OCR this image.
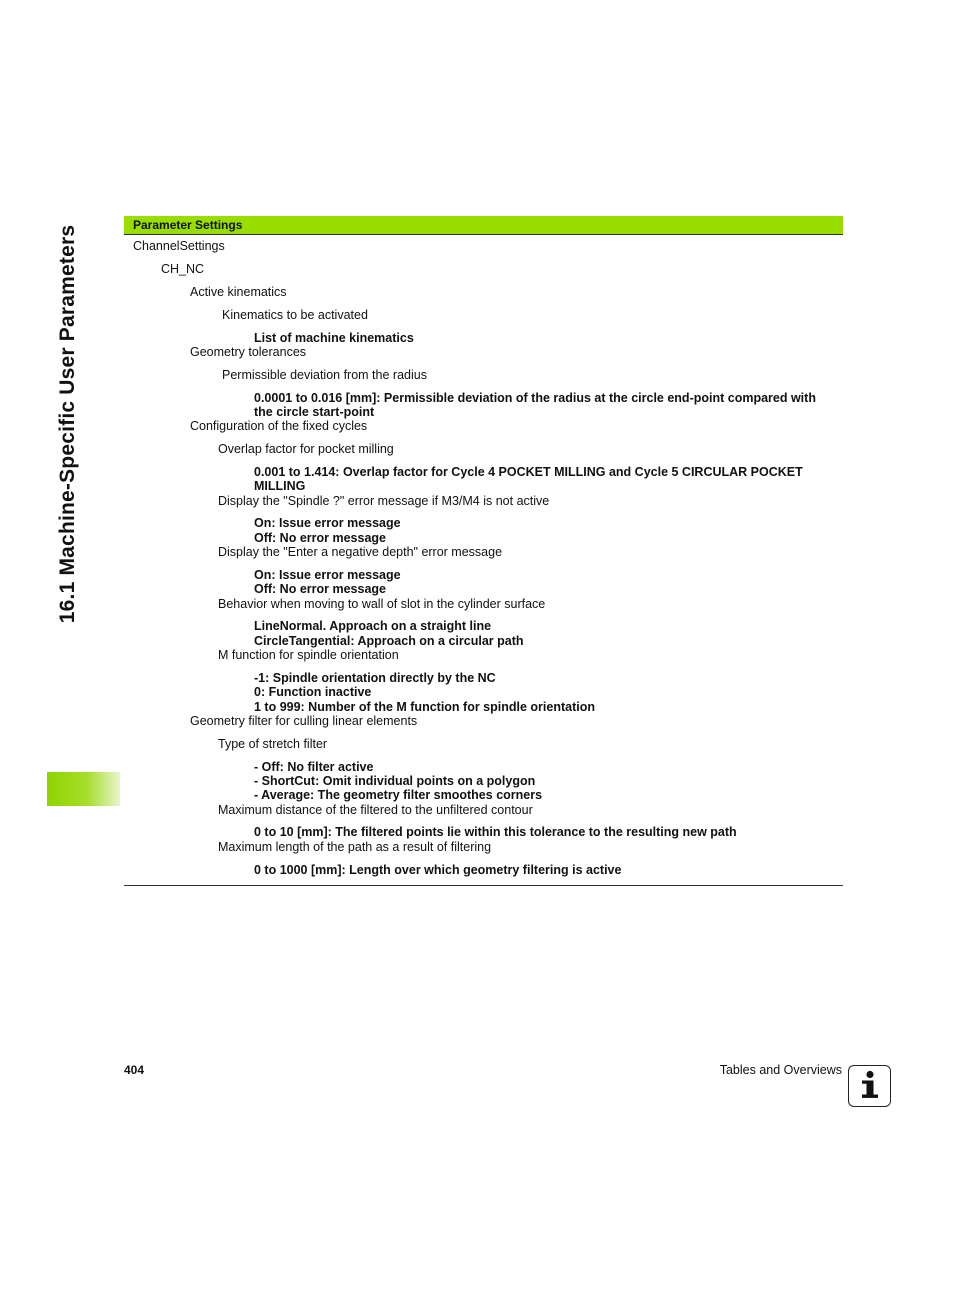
16.1 Machine-Specific User Parameters	Parameter Settings
ChannelSettings
CH_NC
Active kinematics
Kinematics to be activated
List of machine kinematics
Geometry tolerances
Permissible deviation from the radius
0.0001 to 0.016 [mm]: Permissible deviation of the radius at the circle end-point compared with
the circle start-point
Configuration of the fixed cycles
Overlap factor for pocket milling
0.001 to 1.414: Overlap factor for Cycle 4 POCKET MILLING and Cycle 5 CIRCULAR POCKET
MILLING
Display the "Spindle ?" error message if M3/M4 is not active
On: Issue error message
Off: No error message
Display the "Enter a negative depth" error message
On: Issue error message
Off: No error message
Behavior when moving to wall of slot in the cylinder surface
LineNormal. Approach on a straight line
CircleTangential: Approach on a circular path
M function for spindle orientation
-1: Spindle orientation directly by the NC
0: Function inactive
1 to 999: Number of the M function for spindle orientation
Geometry filter for culling linear elements
Type of stretch filter
- Off: No filter active
- ShortCut: Omit individual points on a polygon
- Average: The geometry filter smoothes corners
Maximum distance of the filtered to the unfiltered contour
0 to 10 [mm]: The filtered points lie within this tolerance to the resulting new path
Maximum length of the path as a result of filtering
0 to 1000 [mm]: Length over which geometry filtering is active
404	Tables and Overviews
